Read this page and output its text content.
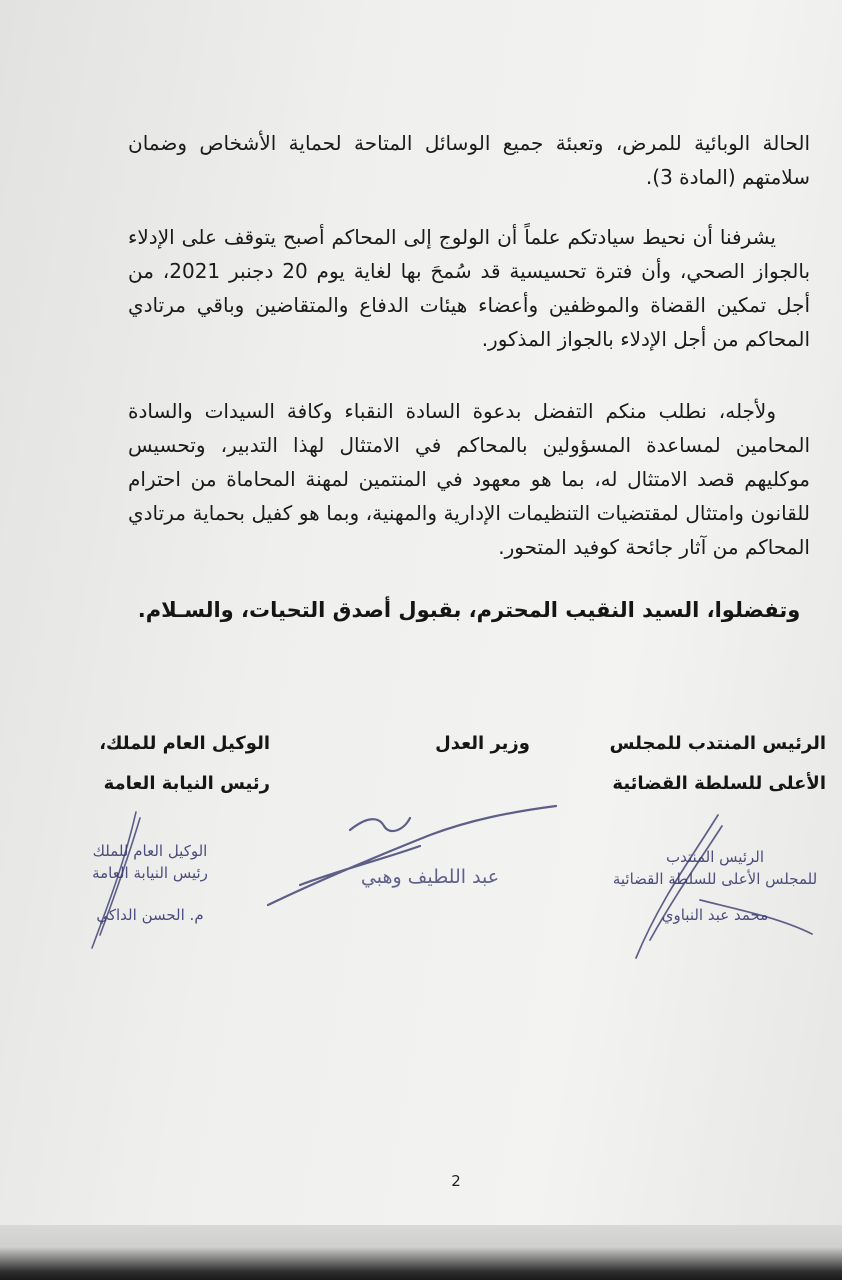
الحالة الوبائية للمرض، وتعبئة جميع الوسائل المتاحة لحماية الأشخاص وضمان سلامتهم (المادة 3).
يشرفنا أن نحيط سيادتكم علماً أن الولوج إلى المحاكم أصبح يتوقف على الإدلاء بالجواز الصحي، وأن فترة تحسيسية قد سُمحَ بها لغاية يوم 20 دجنبر 2021، من أجل تمكين القضاة والموظفين وأعضاء هيئات الدفاع والمتقاضين وباقي مرتادي المحاكم من أجل الإدلاء بالجواز المذكور.
ولأجله، نطلب منكم التفضل بدعوة السادة النقباء وكافة السيدات والسادة المحامين لمساعدة المسؤولين بالمحاكم في الامتثال لهذا التدبير، وتحسيس موكليهم قصد الامتثال له، بما هو معهود في المنتمين لمهنة المحاماة من احترام للقانون وامتثال لمقتضيات التنظيمات الإدارية والمهنية، وبما هو كفيل بحماية مرتادي المحاكم من آثار جائحة كوفيد المتحور.
وتفضلوا، السيد النقيب المحترم، بقبول أصدق التحيات، والسـلام.
الرئيس المنتدب للمجلس
الأعلى للسلطة القضائية
وزير العدل
الوكيل العام للملك،
رئيس النيابة العامة
الوكيل العام للملك
رئيس النيابة العامة
م. الحسن الداكي
الرئيس المنتدب
للمجلس الأعلى للسلطة القضائية
محمد عبد النباوي
عبد اللطيف وهبي
2
